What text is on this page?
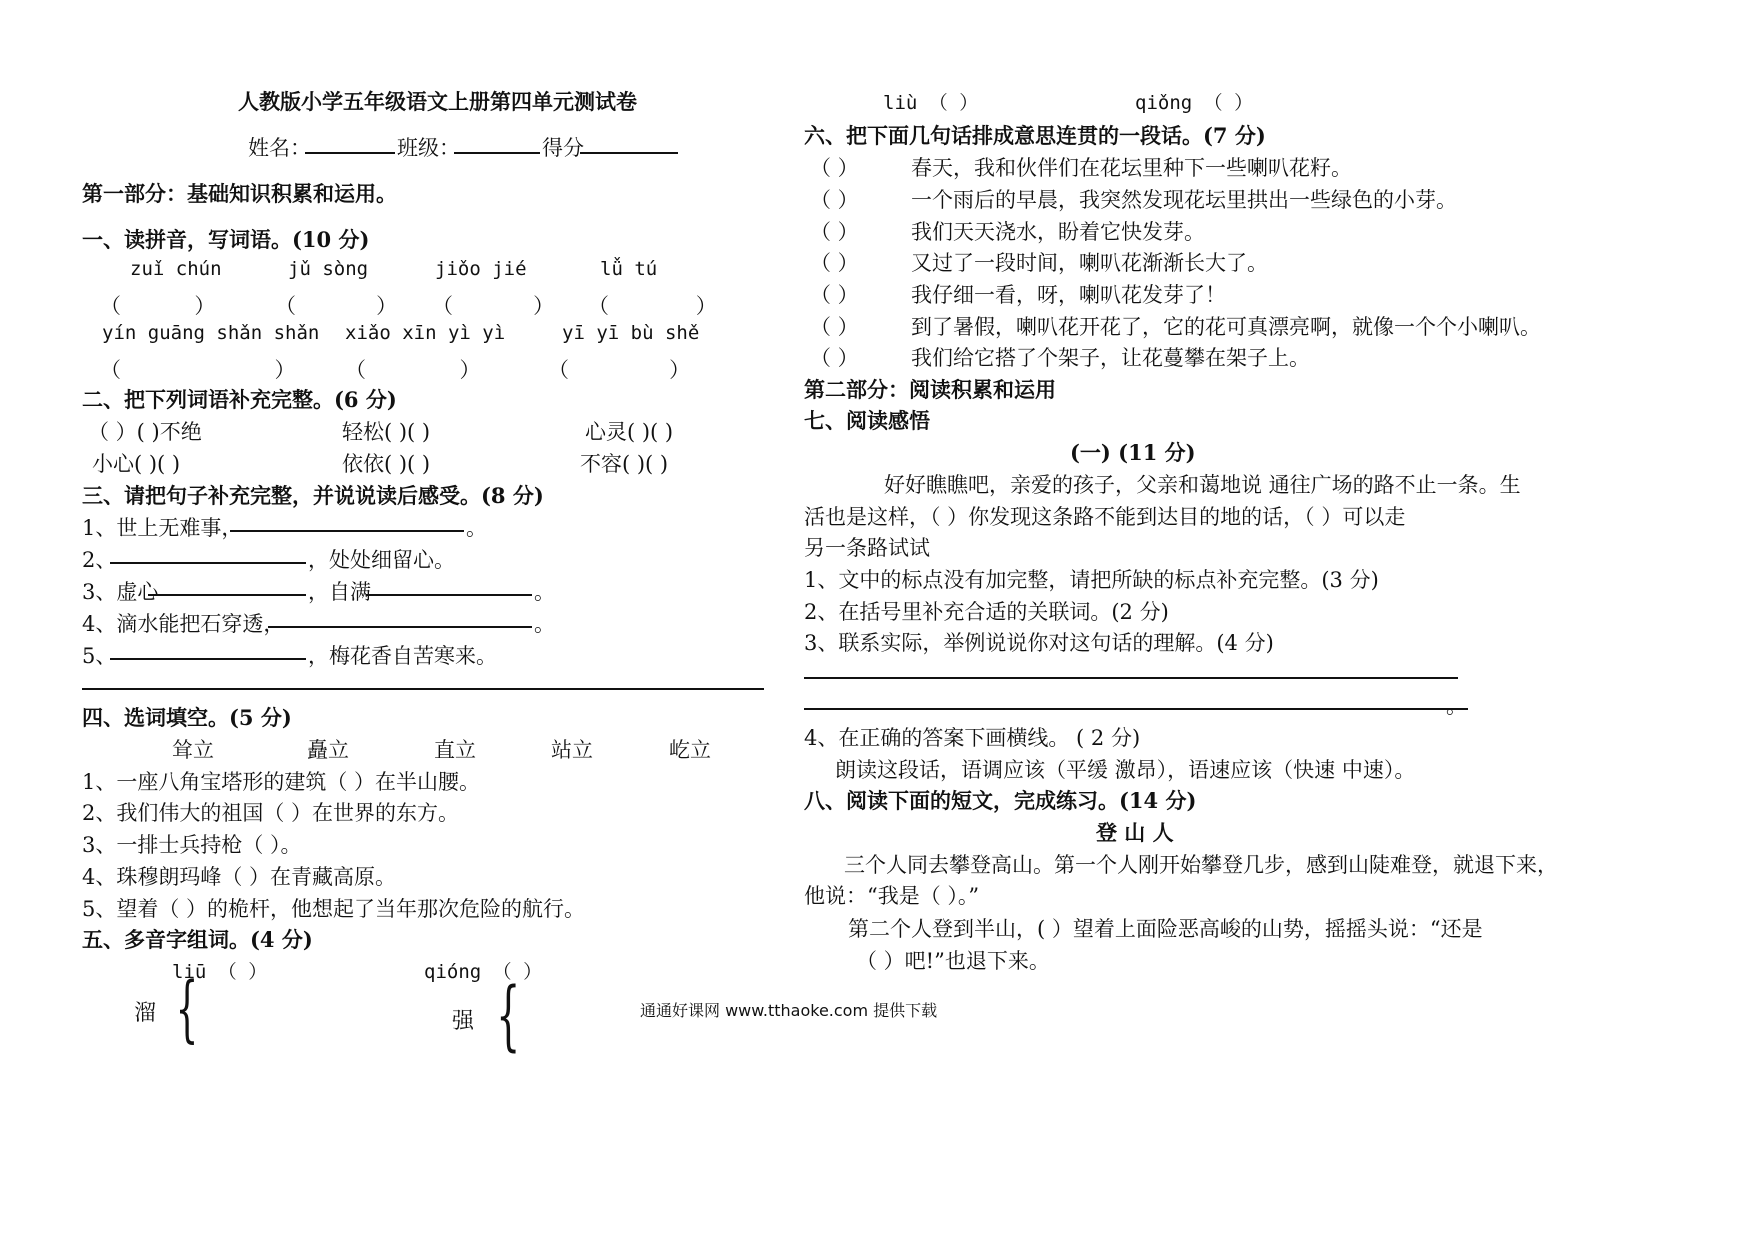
人教版小学五年级语文上册第四单元测试卷
姓名：	班级：	得分
第一部分：基础知识积累和运用。
一、读拼音，写词语。(10 分)
zuǐ chún	jǔ sòng	jiǒo jié	lǚ tú
（           ）	（            ） （            ） （             ）
yín guāng shǎn shǎn xiǎo xīn yì yì	yī yī bù shě
（                       ） （              ）	（               ）
二、把下列词语补充完整。(6 分)
（ ）( )不绝	轻松( )( )	心灵( )( )
小心( )( )	依依( )( )	不容( )( )
三、请把句子补充完整，并说说读后感受。(8 分)
1、世上无难事，	。
2、	，处处细留心。
3、虚心	，自满	。
4、滴水能把石穿透，	。
5、	，梅花香自苦寒来。
四、选词填空。(5 分)
耸立	矗立	直立	站立	屹立
1、一座八角宝塔形的建筑（ ）在半山腰。
2、我们伟大的祖国（ ）在世界的东方。
3、一排士兵持枪（ ）。
4、珠穆朗玛峰（ ）在青藏高原。
5、望着（ ）的桅杆，他想起了当年那次危险的航行。
五、多音字组词。(4 分)
liū （ ）	qióng （ ）
溜 {	强 {	通通好课网 www.tthaoke.com 提供下载
liù （ ）	qiǒng （ ）
六、把下面几句话排成意思连贯的一段话。(7 分)
（ ） 春天，我和伙伴们在花坛里种下一些喇叭花籽。
（ ） 一个雨后的早晨，我突然发现花坛里拱出一些绿色的小芽。
（ ） 我们天天浇水，盼着它快发芽。
（ ） 又过了一段时间，喇叭花渐渐长大了。
（ ） 我仔细一看，呀，喇叭花发芽了！
（ ） 到了暑假，喇叭花开花了，它的花可真漂亮啊，就像一个个小喇叭。
（ ） 我们给它搭了个架子，让花蔓攀在架子上。
第二部分：阅读积累和运用
七、阅读感悟
(一) (11 分)
好好瞧瞧吧，亲爱的孩子，父亲和蔼地说 通往广场的路不止一条。生
活也是这样，（ ）你发现这条路不能到达目的地的话，（ ）可以走
另一条路试试
1、文中的标点没有加完整，请把所缺的标点补充完整。(3 分)
2、在括号里补充合适的关联词。(2 分)
3、联系实际，举例说说你对这句话的理解。(4 分)
。
4、在正确的答案下画横线。 ( 2 分)
朗读这段话，语调应该（平缓 激昂），语速应该（快速 中速）。
八、阅读下面的短文，完成练习。(14 分)
登 山 人
三个人同去攀登高山。第一个人刚开始攀登几步，感到山陡难登，就退下来，
他说：“我是（ ）。”
第二个人登到半山，( ）望着上面险恶高峻的山势，摇摇头说：“还是
（ ）吧!”也退下来。
